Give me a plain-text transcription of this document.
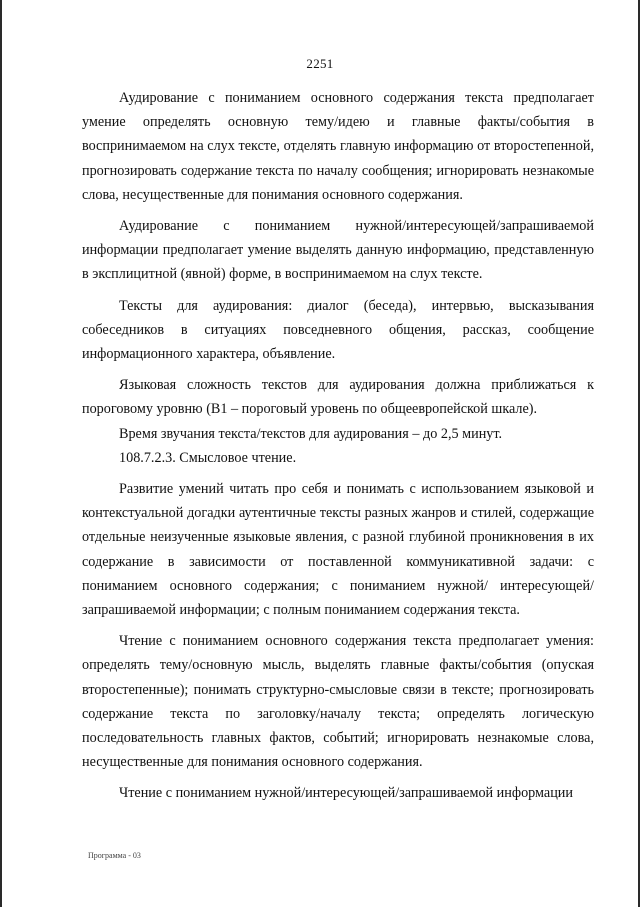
2251

Аудирование с пониманием основного содержания текста предполагает умение определять основную тему/идею и главные факты/события в воспринимаемом на слух тексте, отделять главную информацию от второстепенной, прогнозировать содержание текста по началу сообщения; игнорировать незнакомые слова, несущественные для понимания основного содержания.

Аудирование с пониманием нужной/интересующей/запрашиваемой информации предполагает умение выделять данную информацию, представленную в эксплицитной (явной) форме, в воспринимаемом на слух тексте.

Тексты для аудирования: диалог (беседа), интервью, высказывания собеседников в ситуациях повседневного общения, рассказ, сообщение информационного характера, объявление.

Языковая сложность текстов для аудирования должна приближаться к пороговому уровню (B1 – пороговый уровень по общеевропейской шкале).

Время звучания текста/текстов для аудирования – до 2,5 минут.

108.7.2.3. Смысловое чтение.

Развитие умений читать про себя и понимать с использованием языковой и контекстуальной догадки аутентичные тексты разных жанров и стилей, содержащие отдельные неизученные языковые явления, с разной глубиной проникновения в их содержание в зависимости от поставленной коммуникативной задачи: с пониманием основного содержания; с пониманием нужной/ интересующей/запрашиваемой информации; с полным пониманием содержания текста.

Чтение с пониманием основного содержания текста предполагает умения: определять тему/основную мысль, выделять главные факты/события (опуская второстепенные); понимать структурно-смысловые связи в тексте; прогнозировать содержание текста по заголовку/началу текста; определять логическую последовательность главных фактов, событий; игнорировать незнакомые слова, несущественные для понимания основного содержания.

Чтение с пониманием нужной/интересующей/запрашиваемой информации

Программа - 03
